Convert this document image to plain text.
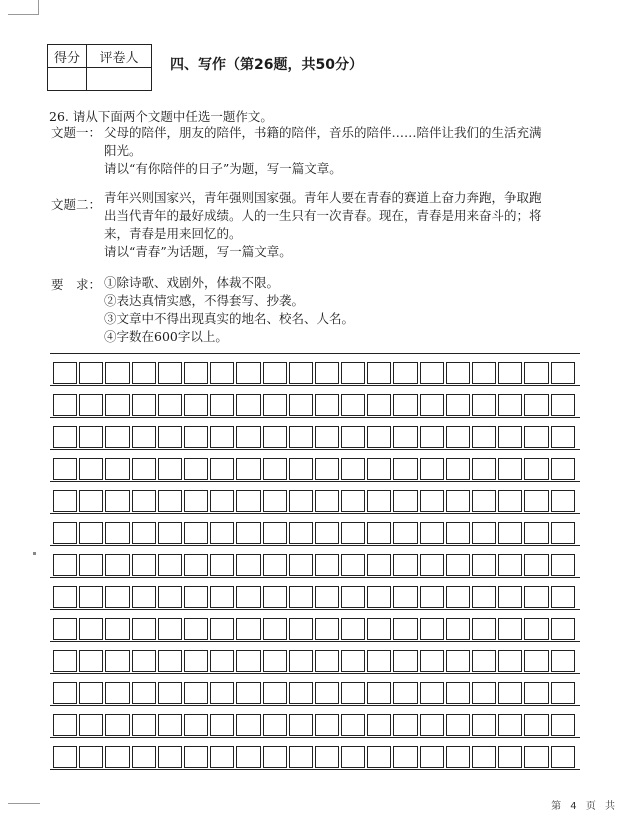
得分	评卷人
	四、写作（第26题，共50分）
26. 请从下面两个文题中任选一题作文。
文题一： 父母的陪伴，朋友的陪伴，书籍的陪伴，音乐的陪伴……陪伴让我们的生活充满
阳光。
请以“有你陪伴的日子”为题，写一篇文章。
文题二： 青年兴则国家兴，青年强则国家强。青年人要在青春的赛道上奋力奔跑，争取跑
出当代青年的最好成绩。人的一生只有一次青春。现在，青春是用来奋斗的；将
来，青春是用来回忆的。
请以“青春”为话题，写一篇文章。
要　求： ①除诗歌、戏剧外，体裁不限。
②表达真情实感，不得套写、抄袭。
③文章中不得出现真实的地名、校名、人名。
④字数在600字以上。
第 4 页 共
